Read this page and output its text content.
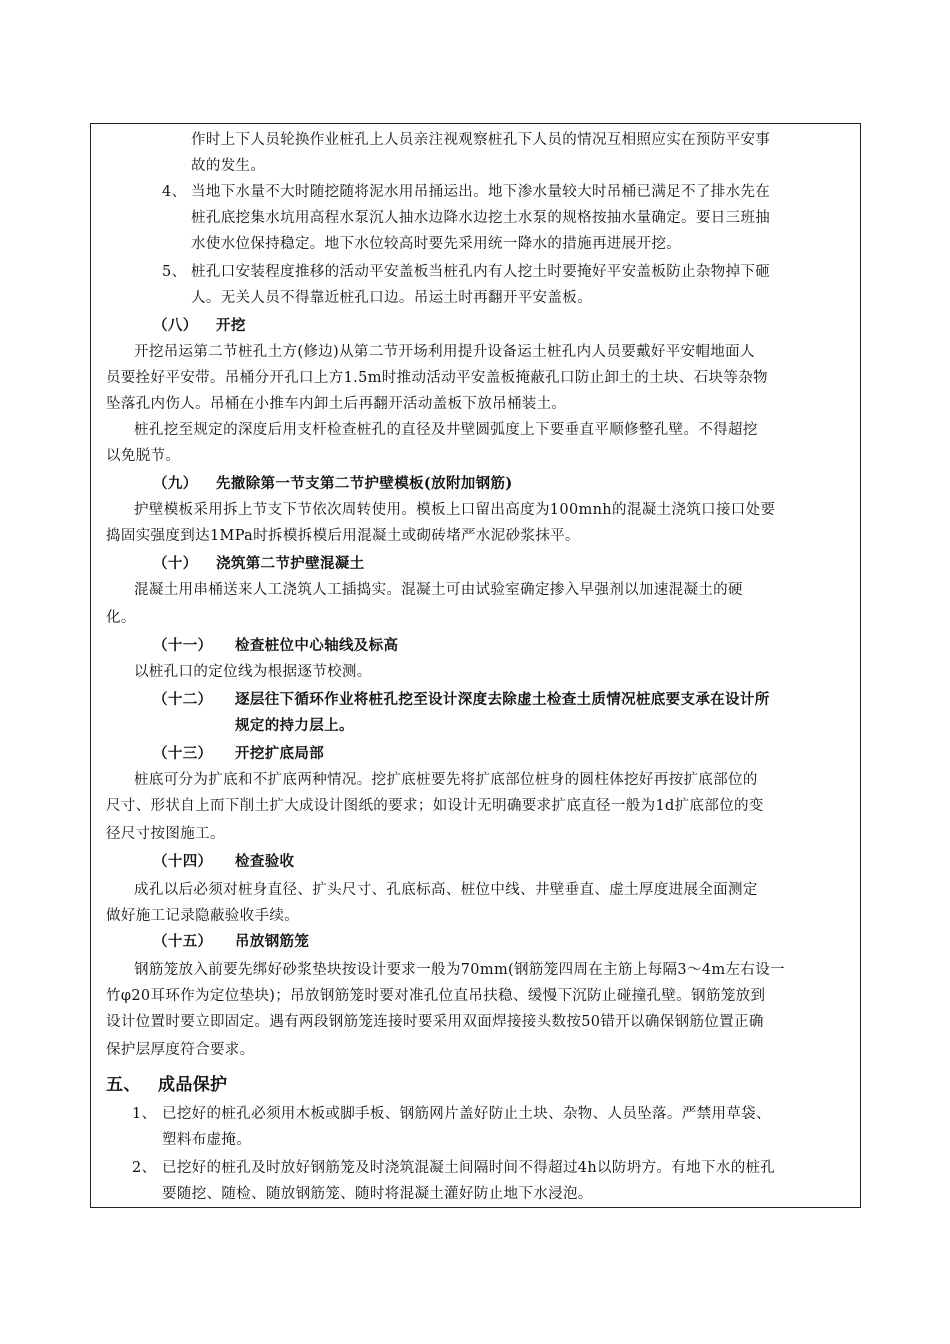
作时上下人员轮换作业桩孔上人员亲注视观察桩孔下人员的情况互相照应实在预防平安事
故的发生。
4、 当地下水量不大时随挖随将泥水用吊捅运出。地下渗水量较大时吊桶已满足不了排水先在
桩孔底挖集水坑用高程水泵沉人抽水边降水边挖土水泵的规格按抽水量确定。要日三班抽
水使水位保持稳定。地下水位较高时要先采用统一降水的措施再进展开挖。
5、 桩孔口安装程度推移的活动平安盖板当桩孔内有人挖土时要掩好平安盖板防止杂物掉下砸
人。无关人员不得靠近桩孔口边。吊运土时再翻开平安盖板。
（八） 开挖
开挖吊运第二节桩孔土方(修边)从第二节开场利用提升设备运土桩孔内人员要戴好平安帽地面人
员要拴好平安带。吊桶分开孔口上方1.5m时推动活动平安盖板掩蔽孔口防止卸土的土块、石块等杂物
坠落孔内伤人。吊桶在小推车内卸土后再翻开活动盖板下放吊桶装土。
桩孔挖至规定的深度后用支杆检查桩孔的直径及井壁圆弧度上下要垂直平顺修整孔壁。不得超挖
以免脱节。
（九） 先撤除第一节支第二节护壁模板(放附加钢筋)
护壁模板采用拆上节支下节依次周转使用。模板上口留出高度为100mnh的混凝土浇筑口接口处要
捣固实强度到达1MPa时拆模拆模后用混凝土或砌砖堵严水泥砂浆抹平。
（十） 浇筑第二节护壁混凝土
混凝土用串桶送来人工浇筑人工插捣实。混凝土可由试验室确定掺入早强剂以加速混凝土的硬
化。
（十一） 检查桩位中心轴线及标高
以桩孔口的定位线为根据逐节校测。
（十二） 逐层往下循环作业将桩孔挖至设计深度去除虚土检查土质情况桩底要支承在设计所
规定的持力层上。
（十三） 开挖扩底局部
桩底可分为扩底和不扩底两种情况。挖扩底桩要先将扩底部位桩身的圆柱体挖好再按扩底部位的
尺寸、形状自上而下削土扩大成设计图纸的要求；如设计无明确要求扩底直径一般为1d扩底部位的变
径尺寸按图施工。
（十四） 检查验收
成孔以后必须对桩身直径、扩头尺寸、孔底标高、桩位中线、井壁垂直、虚土厚度进展全面测定
做好施工记录隐蔽验收手续。
（十五） 吊放钢筋笼
钢筋笼放入前要先绑好砂浆垫块按设计要求一般为70mm(钢筋笼四周在主筋上每隔3～4m左右设一
竹φ20耳环作为定位垫块)；吊放钢筋笼时要对准孔位直吊扶稳、缓慢下沉防止碰撞孔壁。钢筋笼放到
设计位置时要立即固定。遇有两段钢筋笼连接时要采用双面焊接接头数按50错开以确保钢筋位置正确
保护层厚度符合要求。
五、 成品保护
1、 已挖好的桩孔必须用木板或脚手板、钢筋网片盖好防止土块、杂物、人员坠落。严禁用草袋、
塑料布虚掩。
2、 已挖好的桩孔及时放好钢筋笼及时浇筑混凝土间隔时间不得超过4h以防坍方。有地下水的桩孔
要随挖、随检、随放钢筋笼、随时将混凝土灌好防止地下水浸泡。
